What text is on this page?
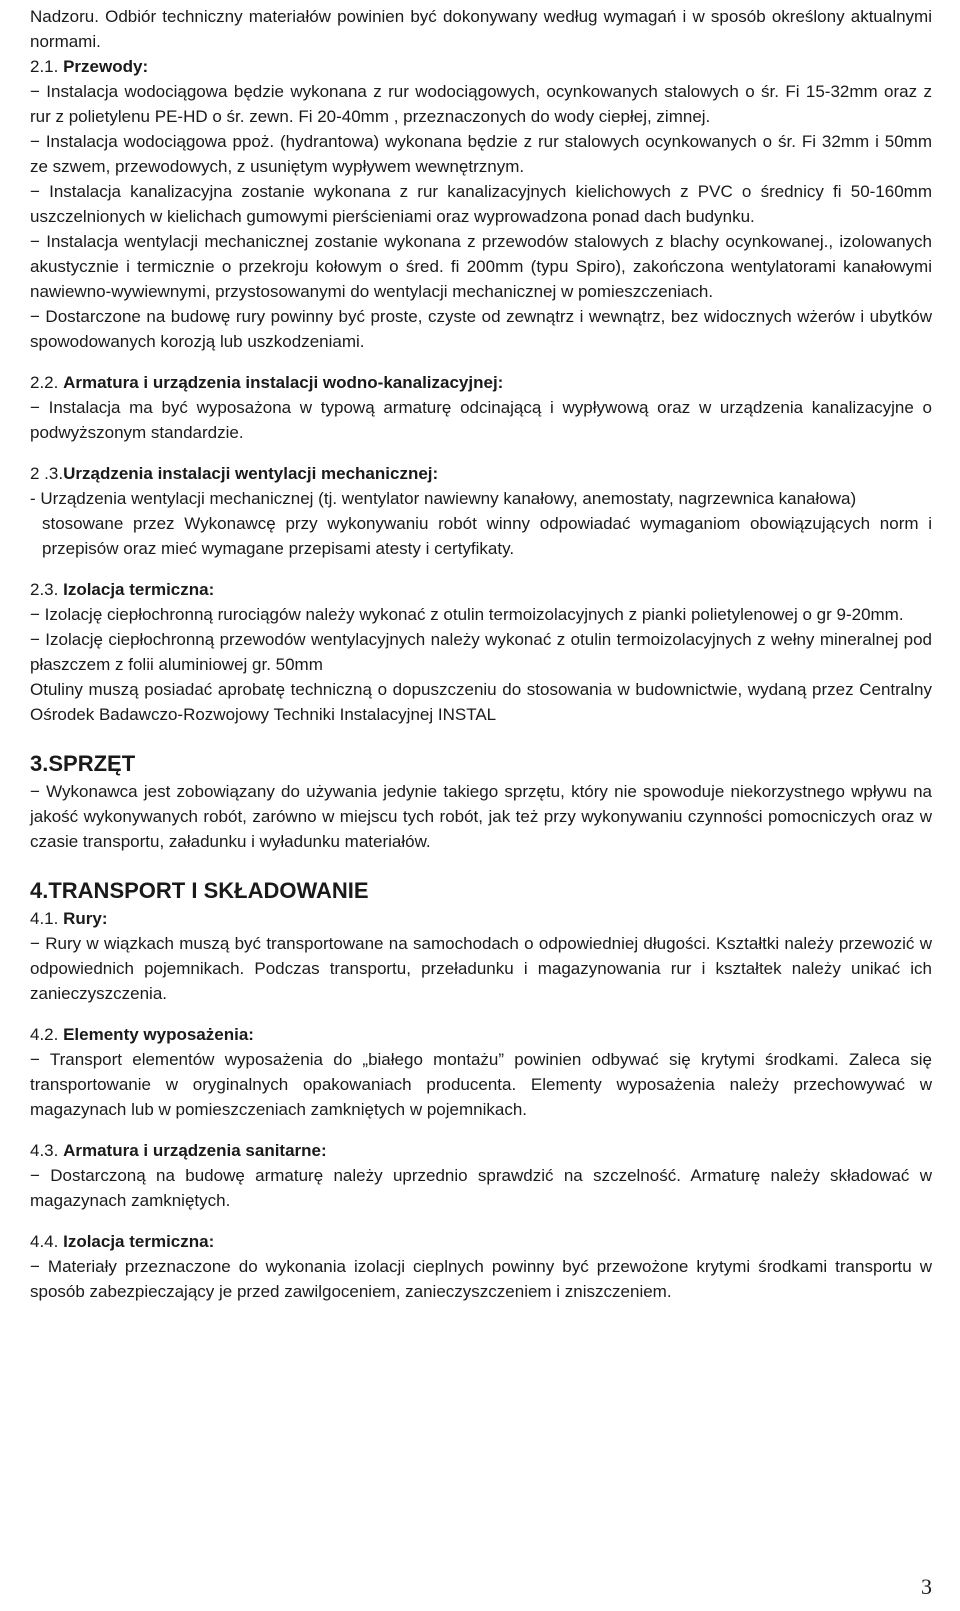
Nadzoru. Odbiór techniczny materiałów powinien być dokonywany według wymagań i w sposób określony aktualnymi normami.

2.1. Przewody:

− Instalacja wodociągowa będzie wykonana z rur wodociągowych, ocynkowanych stalowych o śr. Fi 15-32mm oraz z rur z polietylenu PE-HD o śr. zewn. Fi 20-40mm , przeznaczonych do wody ciepłej, zimnej.

− Instalacja wodociągowa ppoż. (hydrantowa) wykonana będzie z rur stalowych ocynkowanych o śr. Fi 32mm i 50mm ze szwem, przewodowych, z usuniętym wypływem wewnętrznym.

− Instalacja kanalizacyjna zostanie wykonana z rur kanalizacyjnych kielichowych z PVC o średnicy fi 50-160mm uszczelnionych w kielichach gumowymi pierścieniami oraz wyprowadzona ponad dach budynku.

− Instalacja wentylacji mechanicznej zostanie wykonana z przewodów stalowych z blachy ocynkowanej., izolowanych akustycznie i termicznie o przekroju kołowym o śred. fi 200mm (typu Spiro), zakończona wentylatorami kanałowymi nawiewno-wywiewnymi, przystosowanymi do wentylacji mechanicznej w pomieszczeniach.

− Dostarczone na budowę rury powinny być proste, czyste od zewnątrz i wewnątrz, bez widocznych wżerów i ubytków spowodowanych korozją lub uszkodzeniami.

2.2. Armatura i urządzenia instalacji wodno-kanalizacyjnej:

− Instalacja ma być wyposażona w typową armaturę odcinającą i wypływową oraz w urządzenia kanalizacyjne o podwyższonym standardzie.

2 .3.Urządzenia instalacji wentylacji mechanicznej:

- Urządzenia wentylacji mechanicznej (tj. wentylator nawiewny kanałowy, anemostaty, nagrzewnica kanałowa)

stosowane przez Wykonawcę przy wykonywaniu robót winny odpowiadać wymaganiom obowiązujących norm i przepisów oraz mieć wymagane przepisami atesty i certyfikaty.

2.3. Izolacja termiczna:

− Izolację ciepłochronną rurociągów należy wykonać z otulin termoizolacyjnych z pianki polietylenowej o gr 9-20mm.

− Izolację ciepłochronną przewodów wentylacyjnych należy wykonać z otulin termoizolacyjnych z wełny mineralnej pod płaszczem z folii aluminiowej gr. 50mm

Otuliny muszą posiadać aprobatę techniczną o dopuszczeniu do stosowania w budownictwie, wydaną przez Centralny Ośrodek Badawczo-Rozwojowy Techniki Instalacyjnej INSTAL

3.SPRZĘT

− Wykonawca jest zobowiązany do używania jedynie takiego sprzętu, który nie spowoduje niekorzystnego wpływu na jakość wykonywanych robót, zarówno w miejscu tych robót, jak też przy wykonywaniu czynności pomocniczych oraz w czasie transportu, załadunku i wyładunku materiałów.

4.TRANSPORT I SKŁADOWANIE

4.1. Rury:

− Rury w wiązkach muszą być transportowane na samochodach o odpowiedniej długości. Kształtki należy przewozić w odpowiednich pojemnikach. Podczas transportu, przeładunku i magazynowania rur i kształtek należy unikać ich zanieczyszczenia.

4.2. Elementy wyposażenia:

− Transport elementów wyposażenia do „białego montażu” powinien odbywać się krytymi środkami. Zaleca się transportowanie w oryginalnych opakowaniach producenta. Elementy wyposażenia należy przechowywać w magazynach lub w pomieszczeniach zamkniętych w pojemnikach.

4.3. Armatura i urządzenia sanitarne:

− Dostarczoną na budowę armaturę należy uprzednio sprawdzić na szczelność. Armaturę należy składować w magazynach zamkniętych.

4.4. Izolacja termiczna:

− Materiały przeznaczone do wykonania izolacji cieplnych powinny być przewożone krytymi środkami transportu w sposób zabezpieczający je przed zawilgoceniem, zanieczyszczeniem i zniszczeniem.

3
